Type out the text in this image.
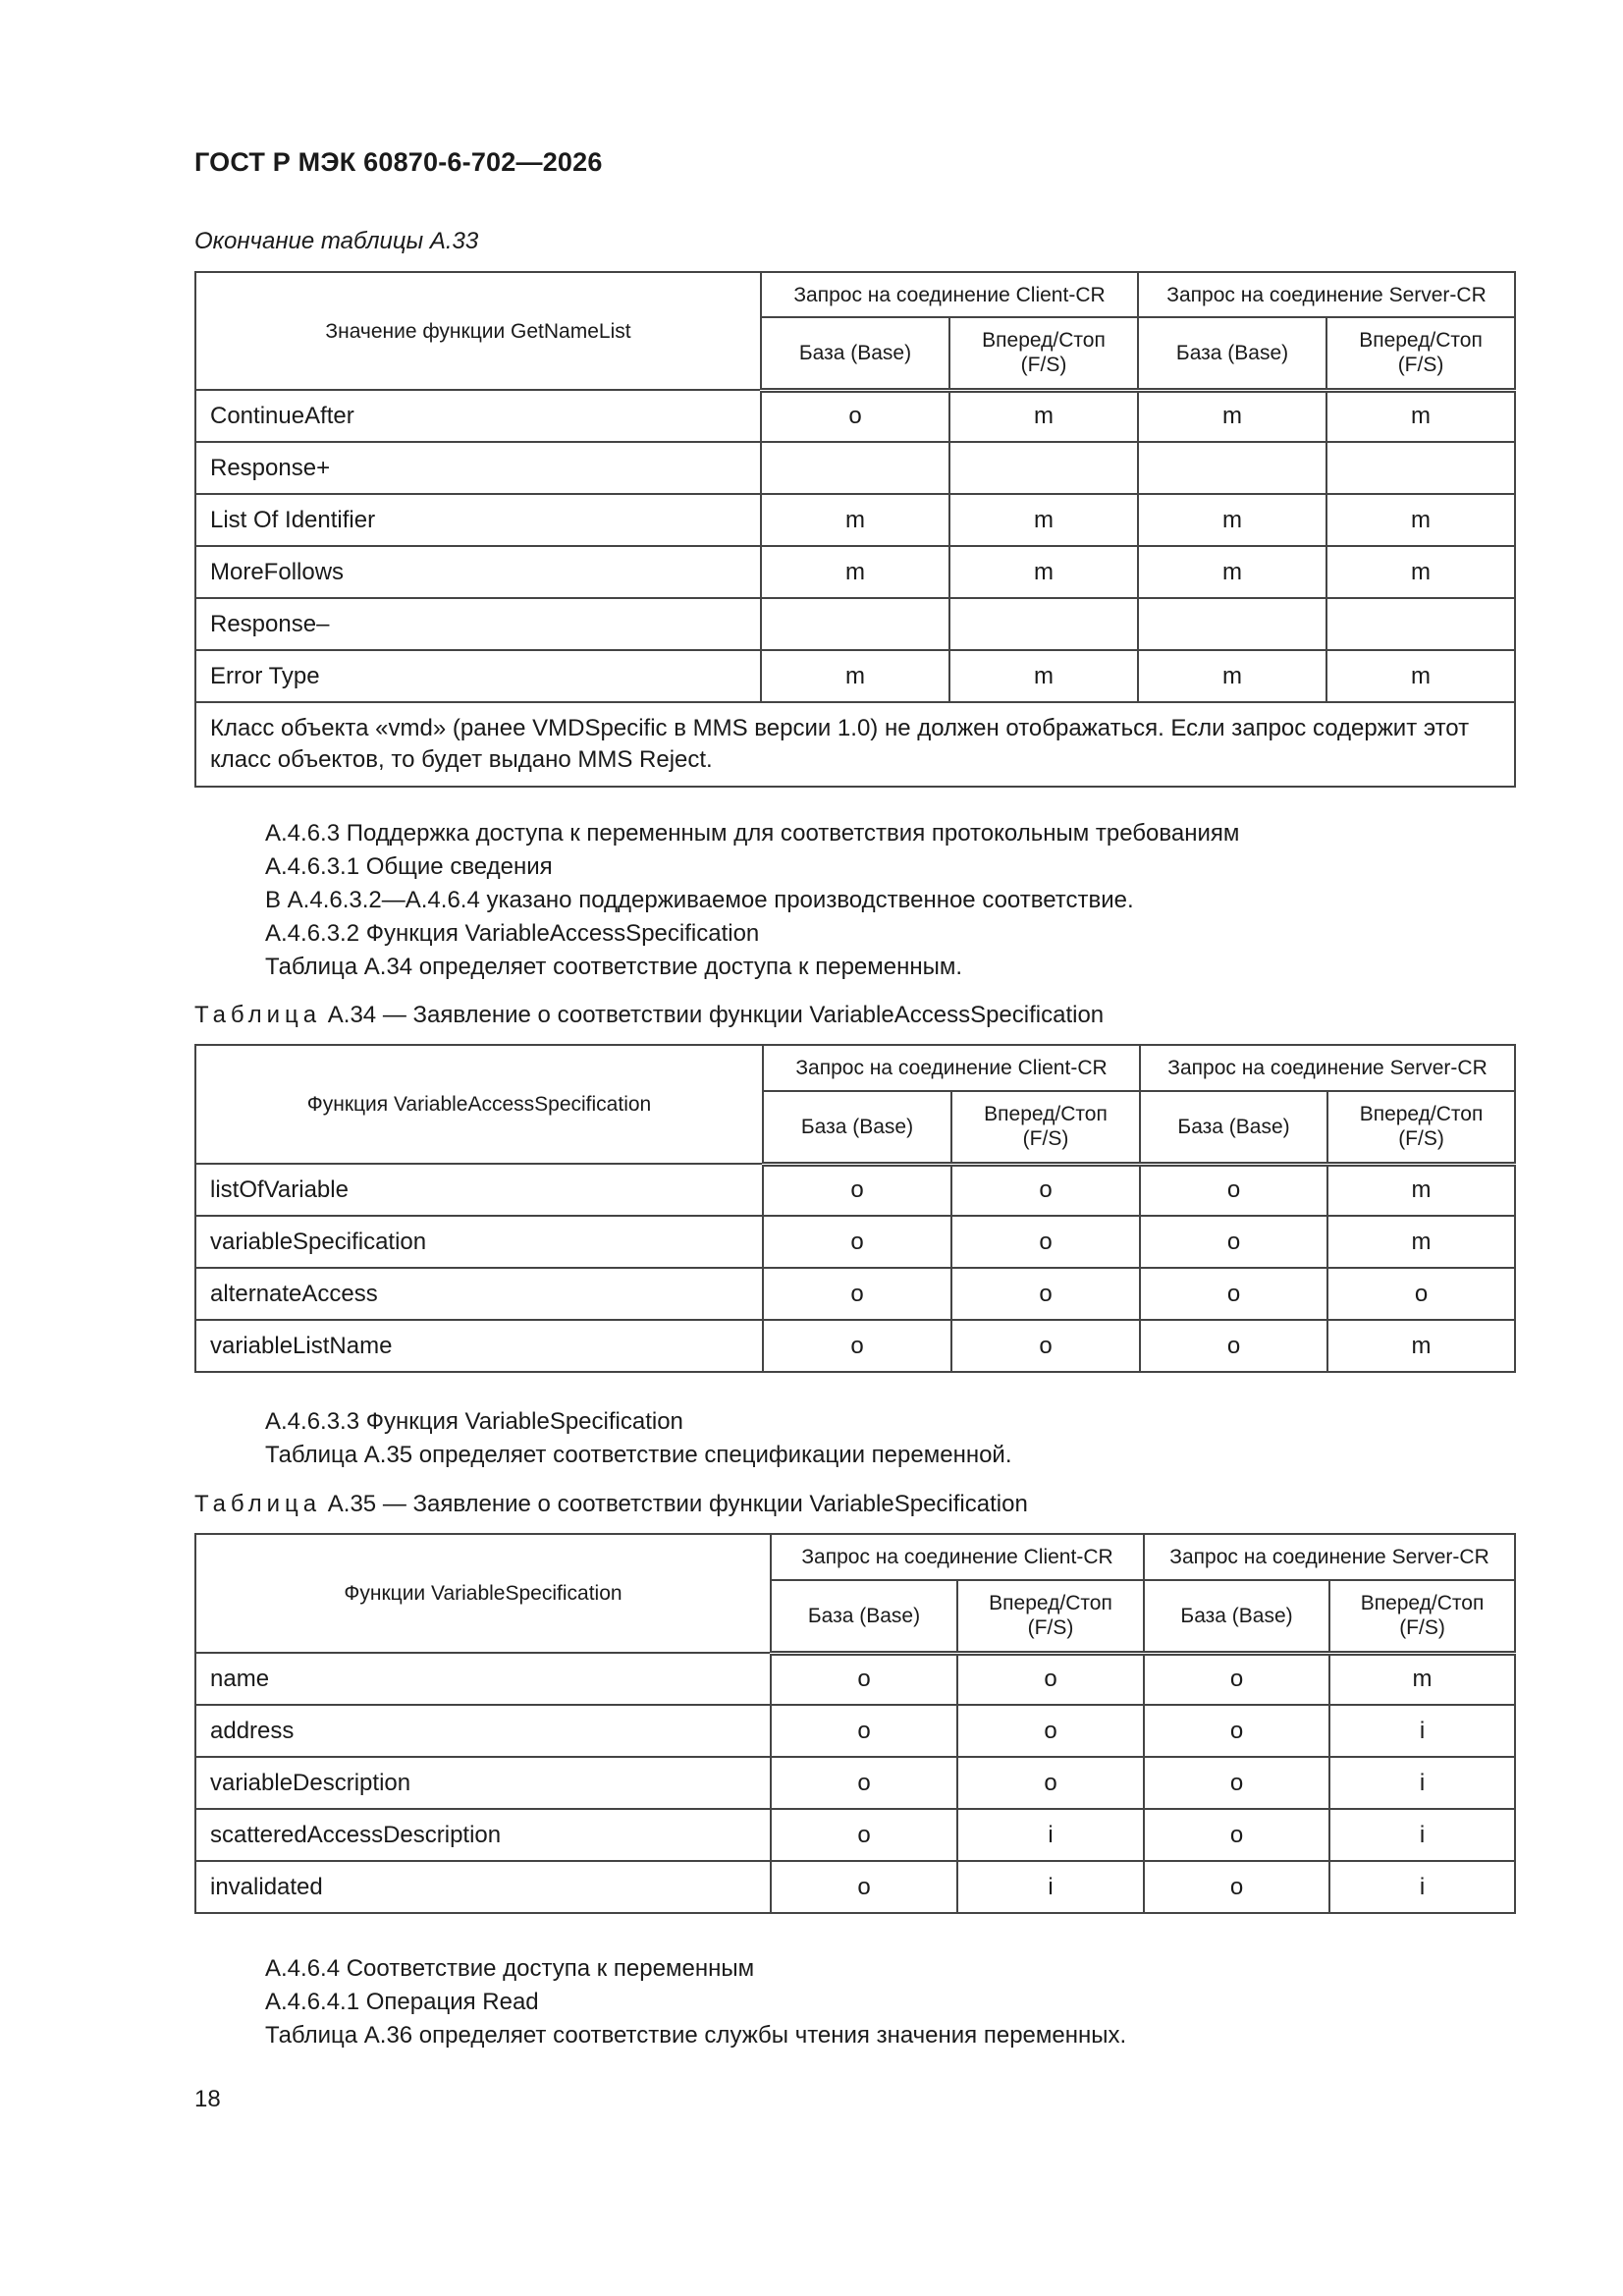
ГОСТ Р МЭК 60870-6-702—2026
Окончание таблицы А.33
Значение функции GetNameList	Запрос на соединение Client-CR		Запрос на соединение Server-CR	
	База (Base)	Вперед/Стоп (F/S)	База (Base)	Вперед/Стоп (F/S)
ContinueAfter	o	m	m	m
Response+				
List Of Identifier	m	m	m	m
MoreFollows	m	m	m	m
Response–				
Error Type	m	m	m	m
Класс объекта «vmd» (ранее VMDSpecific в MMS версии 1.0) не должен отображаться. Если запрос содержит этот класс объектов, то будет выдано MMS Reject.				
А.4.6.3 Поддержка доступа к переменным для соответствия протокольным требованиям
А.4.6.3.1 Общие сведения
В А.4.6.3.2—А.4.6.4 указано поддерживаемое производственное соответствие.
А.4.6.3.2 Функция VariableAccessSpecification
Таблица А.34 определяет соответствие доступа к переменным.
Таблица А.34 — Заявление о соответствии функции VariableAccessSpecification
Функция VariableAccessSpecification	Запрос на соединение Client-CR		Запрос на соединение Server-CR	
	База (Base)	Вперед/Стоп (F/S)	База (Base)	Вперед/Стоп (F/S)
listOfVariable	o	o	o	m
variableSpecification	o	o	o	m
alternateAccess	o	o	o	o
variableListName	o	o	o	m
А.4.6.3.3 Функция VariableSpecification
Таблица А.35 определяет соответствие спецификации переменной.
Таблица А.35 — Заявление о соответствии функции VariableSpecification
Функции VariableSpecification	Запрос на соединение Client-CR		Запрос на соединение Server-CR	
	База (Base)	Вперед/Стоп (F/S)	База (Base)	Вперед/Стоп (F/S)
name	o	o	o	m
address	o	o	o	i
variableDescription	o	o	o	i
scatteredAccessDescription	o	i	o	i
invalidated	o	i	o	i
А.4.6.4 Соответствие доступа к переменным
А.4.6.4.1 Операция Read
Таблица А.36 определяет соответствие службы чтения значения переменных.
18
